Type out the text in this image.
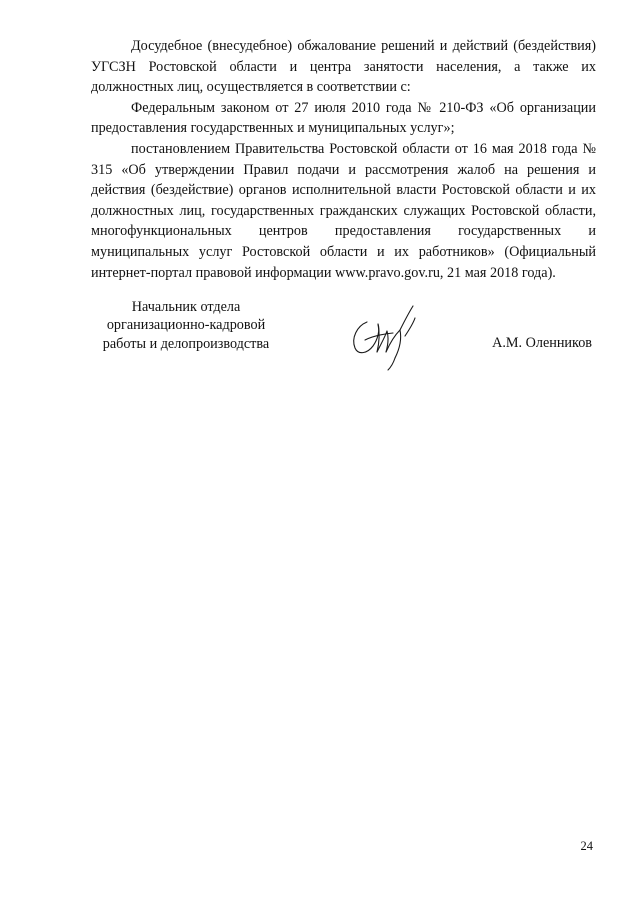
Досудебное (внесудебное) обжалование решений и действий (бездействия) УГСЗН Ростовской области и центра занятости населения, а также их должностных лиц, осуществляется в соответствии с:

Федеральным законом от 27 июля 2010 года № 210-ФЗ «Об организации предоставления государственных и муниципальных услуг»;

постановлением Правительства Ростовской области от 16 мая 2018 года № 315 «Об утверждении Правил подачи и рассмотрения жалоб на решения и действия (бездействие) органов исполнительной власти Ростовской области и их должностных лиц, государственных гражданских служащих Ростовской области, многофункциональных центров предоставления государственных и муниципальных услуг Ростовской области и их работников» (Официальный интернет-портал правовой информации www.pravo.gov.ru, 21 мая 2018 года).

Начальник отдела
организационно-кадровой
работы и делопроизводства	А.М. Оленников
24
